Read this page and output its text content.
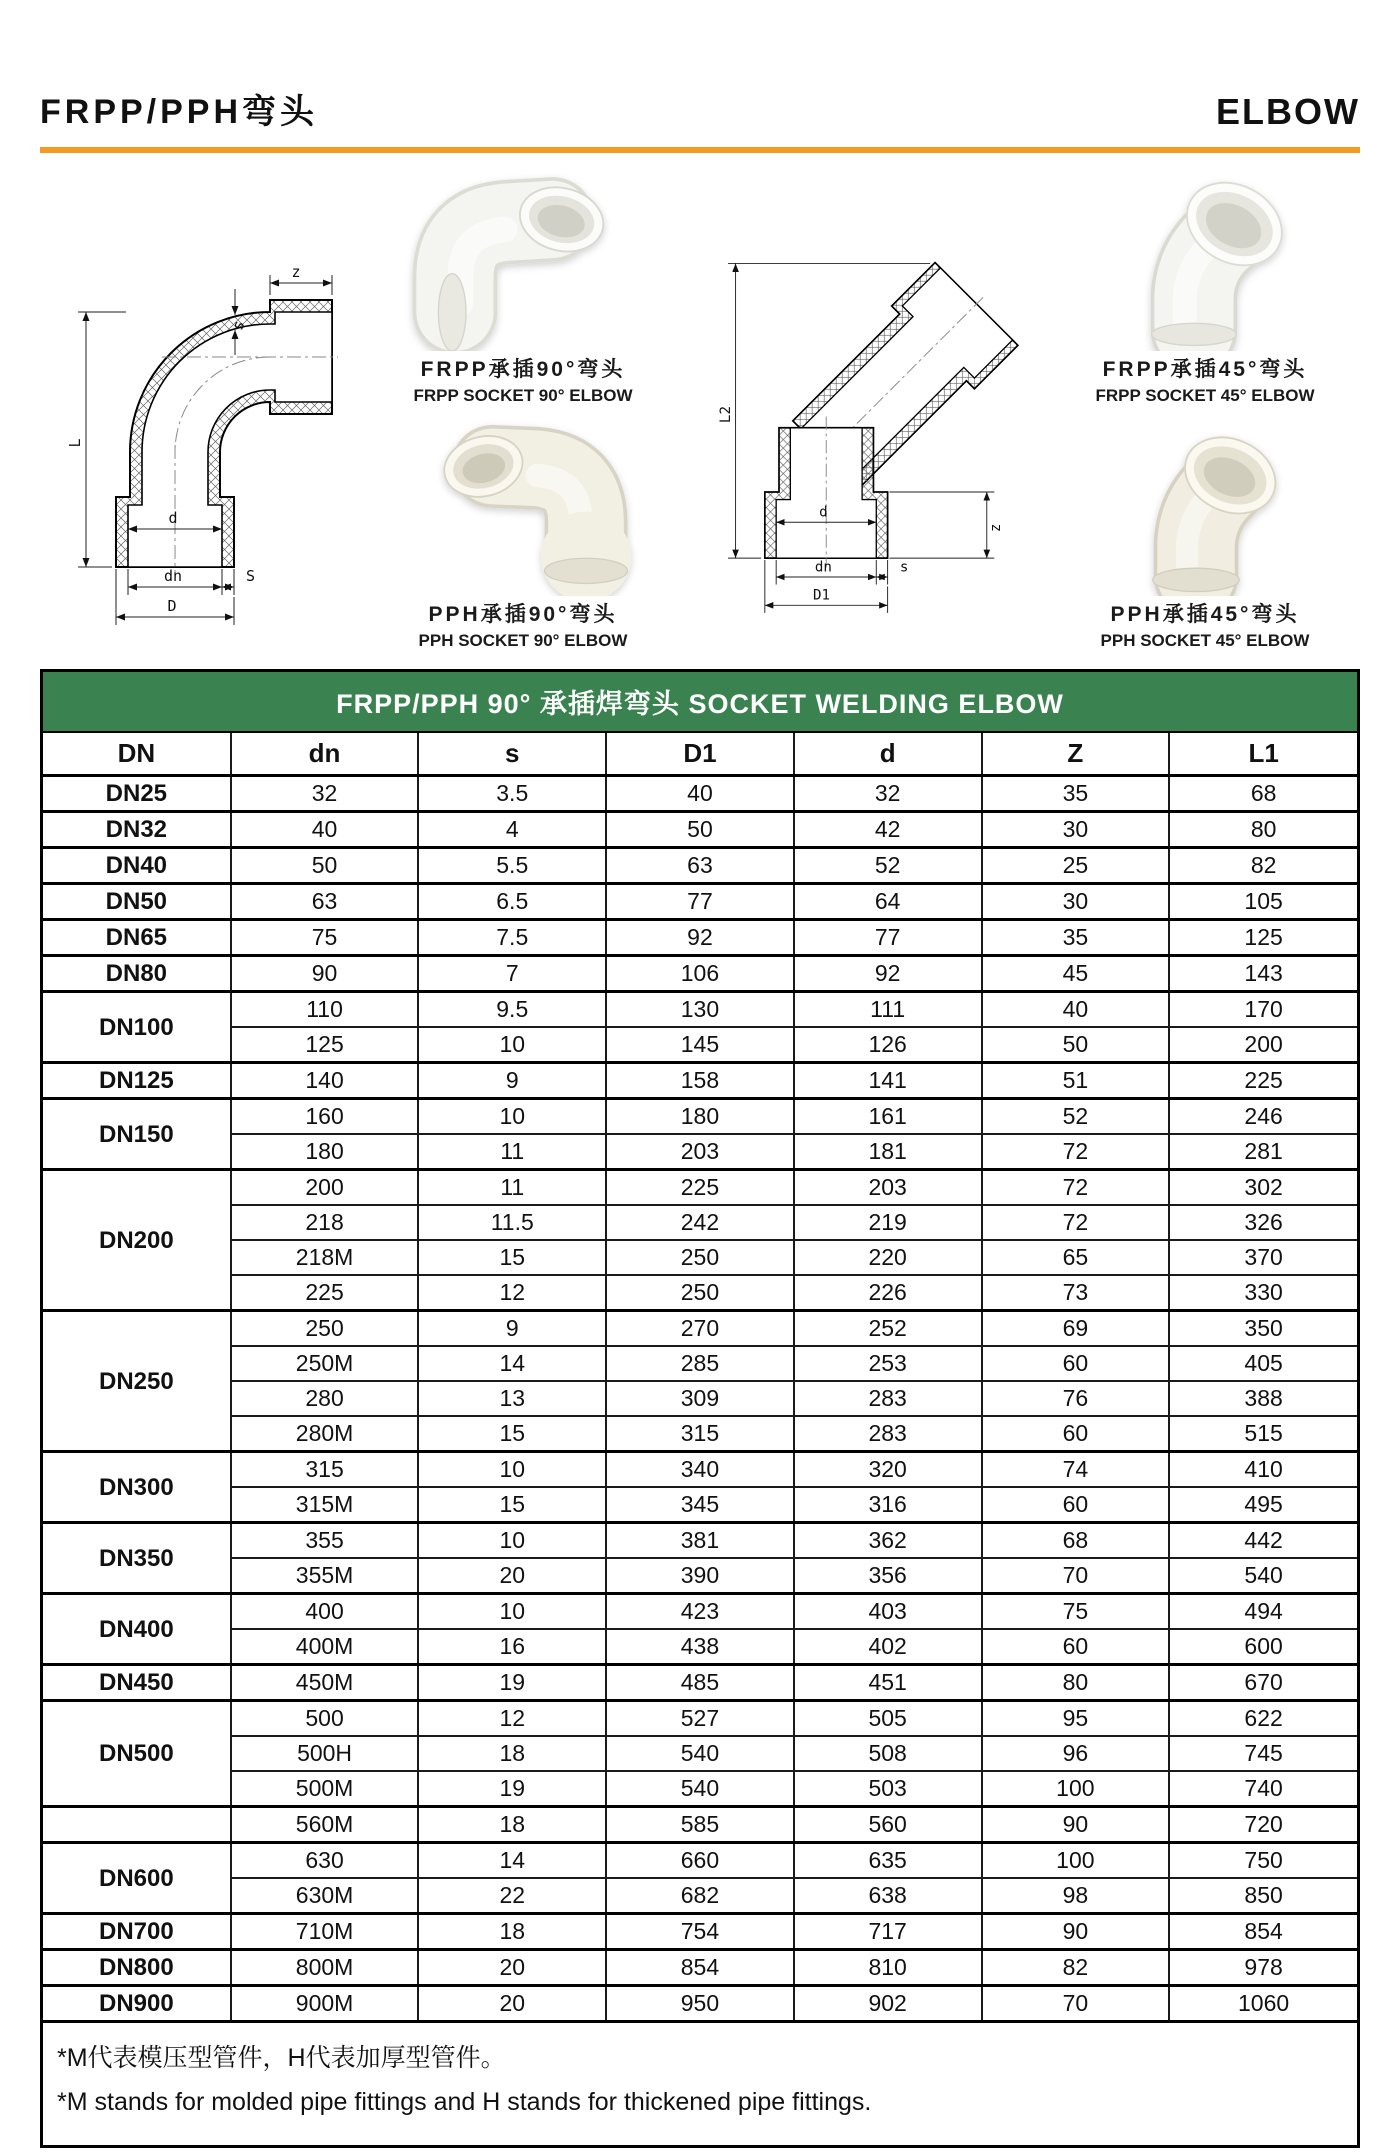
FRPP/PPH弯头	ELBOW
z
L
s
d
dn	S
D
FRPP承插90°弯头
FRPP SOCKET 90° ELBOW
PPH承插90°弯头
PPH SOCKET 90° ELBOW
L2
z
d
dn	s
D1
FRPP承插45°弯头
FRPP SOCKET 45° ELBOW
PPH承插45°弯头
PPH SOCKET 45° ELBOW
FRPP/PPH 90° 承插焊弯头 SOCKET WELDING ELBOW
DN	dn	s	D1	d	Z	L1
DN25	32	3.5	40	32	35	68
DN32	40	4	50	42	30	80
DN40	50	5.5	63	52	25	82
DN50	63	6.5	77	64	30	105
DN65	75	7.5	92	77	35	125
DN80	90	7	106	92	45	143
DN100	110	9.5	130	111	40	170
	125	10	145	126	50	200
DN125	140	9	158	141	51	225
DN150	160	10	180	161	52	246
	180	11	203	181	72	281
DN200	200	11	225	203	72	302
	218	11.5	242	219	72	326
	218M	15	250	220	65	370
	225	12	250	226	73	330
DN250	250	9	270	252	69	350
	250M	14	285	253	60	405
	280	13	309	283	76	388
	280M	15	315	283	60	515
DN300	315	10	340	320	74	410
	315M	15	345	316	60	495
DN350	355	10	381	362	68	442
	355M	20	390	356	70	540
DN400	400	10	423	403	75	494
	400M	16	438	402	60	600
DN450	450M	19	485	451	80	670
DN500	500	12	527	505	95	622
	500H	18	540	508	96	745
	500M	19	540	503	100	740
	560M	18	585	560	90	720
DN600	630	14	660	635	100	750
	630M	22	682	638	98	850
DN700	710M	18	754	717	90	854
DN800	800M	20	854	810	82	978
DN900	900M	20	950	902	70	1060
*M代表模压型管件，H代表加厚型管件。
*M stands for molded pipe fittings and H stands for thickened pipe fittings.
